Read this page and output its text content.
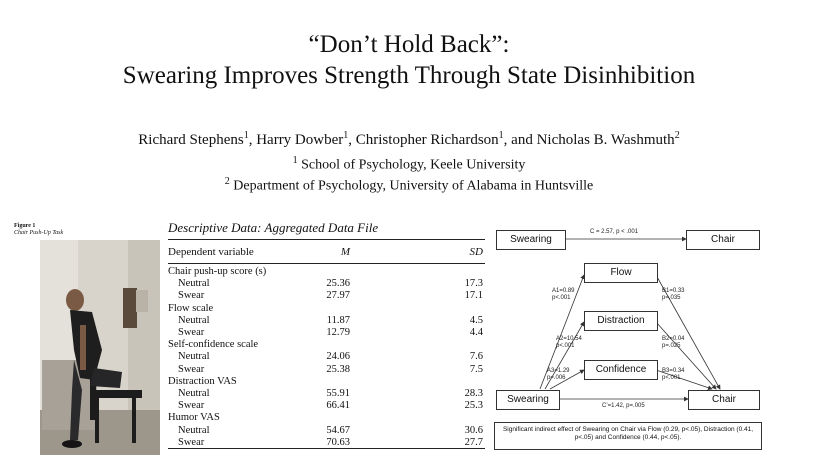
“Don’t Hold Back”:
Swearing Improves Strength Through State Disinhibition
Richard Stephens$^1$, Harry Dowber$^1$, Christopher Richardson$^1$, and Nicholas B. Washmuth$^2$
$^1$ School of Psychology, Keele University
$^2$ Department of Psychology, University of Alabama in Huntsville
Figure 1
Chair Push-Up Task	Descriptive Data: Aggregated Data File
Dependent variable	M	SD
Chair push-up score (s)
Neutral	25.36	17.3
Swear	27.97	17.1
Flow scale
Neutral	11.87	4.5
Swear	12.79	4.4
Self-confidence scale
Neutral	24.06	7.6
Swear	25.38	7.5
Distraction VAS
Neutral	55.91	28.3
Swear	66.41	25.3
Humor VAS
Neutral	54.67	30.6
Swear	70.63	27.7
Swearing	Chair
C = 2.57, p < .001
Flow
Distraction
Confidence
Swearing	Chair
A1=0.89
p<.001
A2=10.54
p<.001
A3=1.29
p=.006
B1=0.33
p=.035
B2=0.04
p=.025
B3=0.34
p<.001
C’=1.42, p=.005
Significant indirect effect of Swearing on Chair via Flow (0.29, p<.05), Distraction (0.41, p<.05) and Confidence (0.44, p<.05).
